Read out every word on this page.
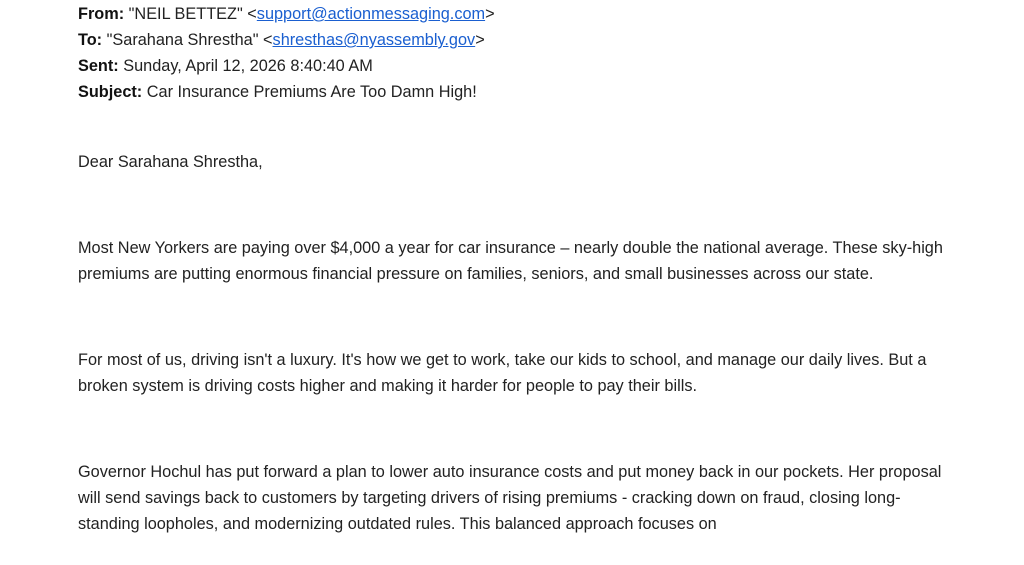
From: "NEIL BETTEZ" <support@actionmessaging.com>
To: "Sarahana Shrestha" <shresthas@nyassembly.gov>
Sent: Sunday, April 12, 2026 8:40:40 AM
Subject: Car Insurance Premiums Are Too Damn High!

Dear Sarahana Shrestha,

Most New Yorkers are paying over $4,000 a year for car insurance – nearly double the national average. These sky-high premiums are putting enormous financial pressure on families, seniors, and small businesses across our state.

For most of us, driving isn't a luxury. It's how we get to work, take our kids to school, and manage our daily lives. But a broken system is driving costs higher and making it harder for people to pay their bills.

Governor Hochul has put forward a plan to lower auto insurance costs and put money back in our pockets. Her proposal will send savings back to customers by targeting drivers of rising premiums - cracking down on fraud, closing long-standing loopholes, and modernizing outdated rules. This balanced approach focuses on
